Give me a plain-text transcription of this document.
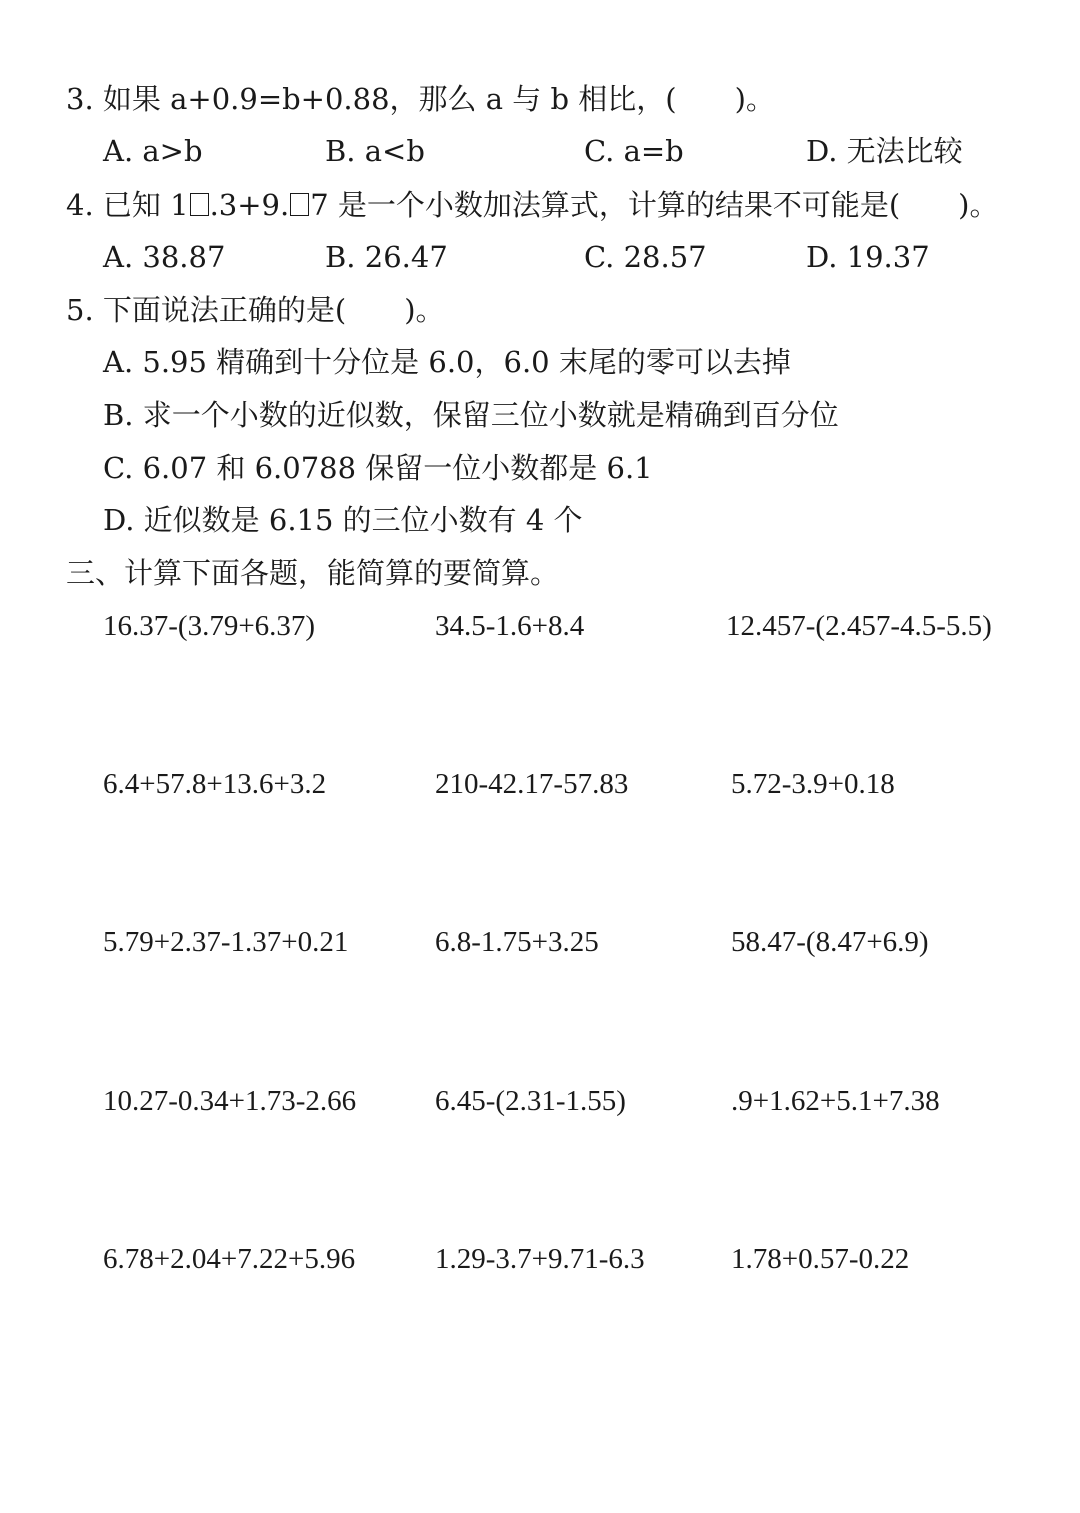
3. 如果 a+0.9=b+0.88，那么 a 与 b 相比，(　　)。
A. a>b	B. a<b	C. a=b	D. 无法比较
4. 已知 1 .3+9. 7 是一个小数加法算式，计算的结果不可能是(　　)。
A. 38.87	B. 26.47	C. 28.57	D. 19.37
5. 下面说法正确的是(　　)。
A. 5.95 精确到十分位是 6.0，6.0 末尾的零可以去掉
B. 求一个小数的近似数，保留三位小数就是精确到百分位
C. 6.07 和 6.0788 保留一位小数都是 6.1
D. 近似数是 6.15 的三位小数有 4 个
三、计算下面各题，能简算的要简算。
16.37-(3.79+6.37)	34.5-1.6+8.4	12.457-(2.457-4.5-5.5)
6.4+57.8+13.6+3.2	210-42.17-57.83	5.72-3.9+0.18
5.79+2.37-1.37+0.21	6.8-1.75+3.25	58.47-(8.47+6.9)
10.27-0.34+1.73-2.66	6.45-(2.31-1.55)	.9+1.62+5.1+7.38
6.78+2.04+7.22+5.96	1.29-3.7+9.71-6.3	1.78+0.57-0.22
